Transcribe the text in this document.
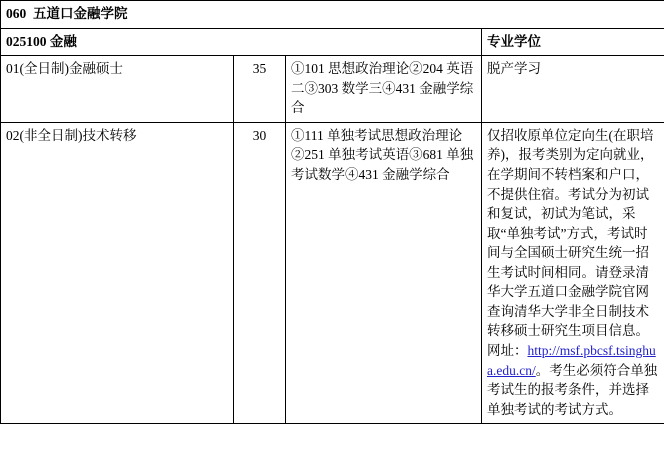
060 五道口金融学院			
025100 金融			专业学位
01(全日制)金融硕士	35	①101 思想政治理论②204 英语二③303 数学三④431 金融学综合	脱产学习
02(非全日制)技术转移	30	①111 单独考试思想政治理论②251 单独考试英语③681 单独考试数学④431 金融学综合	仅招收原单位定向生(在职培养)，报考类别为定向就业，在学期间不转档案和户口，不提供住宿。考试分为初试和复试，初试为笔试，采取“单独考试”方式，考试时间与全国硕士研究生统一招生考试时间相同。请登录清华大学五道口金融学院官网查询清华大学非全日制技术转移硕士研究生项目信息。网址：http://msf.pbcsf.tsinghua.edu.cn/。考生必须符合单独考试生的报考条件，并选择单独考试的考试方式。
